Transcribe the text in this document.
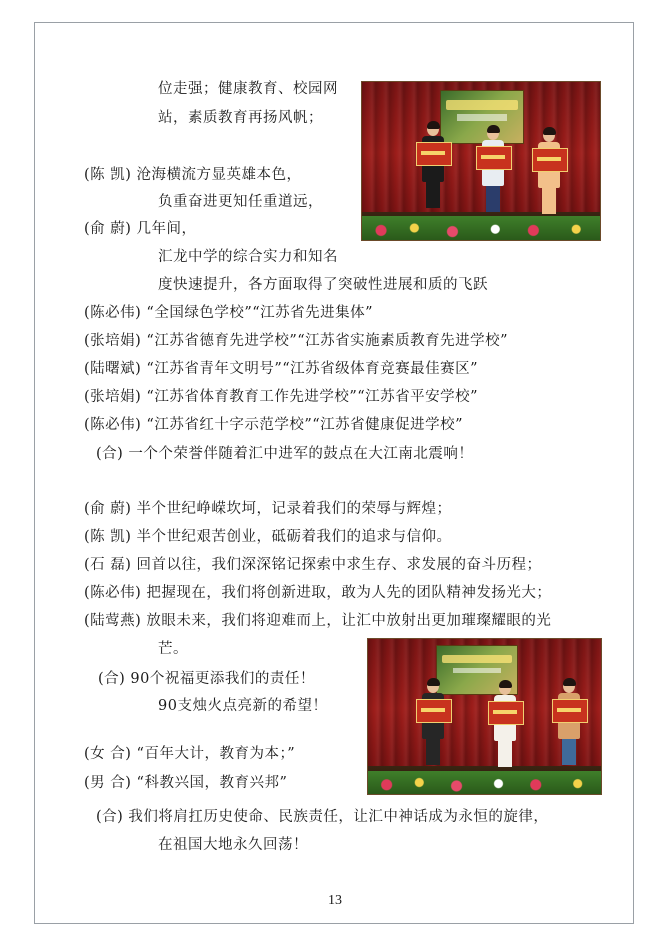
位走强；健康教育、校园网
站，素质教育再扬风帆；
(陈 凯) 沧海横流方显英雄本色，
负重奋进更知任重道远，
(俞 蔚) 几年间，
汇龙中学的综合实力和知名
度快速提升，各方面取得了突破性进展和质的飞跃
(陈必伟) “全国绿色学校”“江苏省先进集体”
(张培娟) “江苏省德育先进学校”“江苏省实施素质教育先进学校”
(陆曙斌) “江苏省青年文明号”“江苏省级体育竞赛最佳赛区”
(张培娟) “江苏省体育教育工作先进学校”“江苏省平安学校”
(陈必伟) “江苏省红十字示范学校”“江苏省健康促进学校”
(合) 一个个荣誉伴随着汇中进军的鼓点在大江南北震响！
(俞 蔚) 半个世纪峥嵘坎坷，记录着我们的荣辱与辉煌；
(陈 凯) 半个世纪艰苦创业，砥砺着我们的追求与信仰。
(石 磊) 回首以往，我们深深铭记探索中求生存、求发展的奋斗历程；
(陈必伟) 把握现在，我们将创新进取，敢为人先的团队精神发扬光大；
(陆莺燕) 放眼未来，我们将迎难而上，让汇中放射出更加璀璨耀眼的光
芒。
(合) 90个祝福更添我们的责任！
90支烛火点亮新的希望！
(女 合) “百年大计，教育为本；”
(男 合) “科教兴国，教育兴邦”
(合) 我们将肩扛历史使命、民族责任，让汇中神话成为永恒的旋律，
在祖国大地永久回荡！
13
